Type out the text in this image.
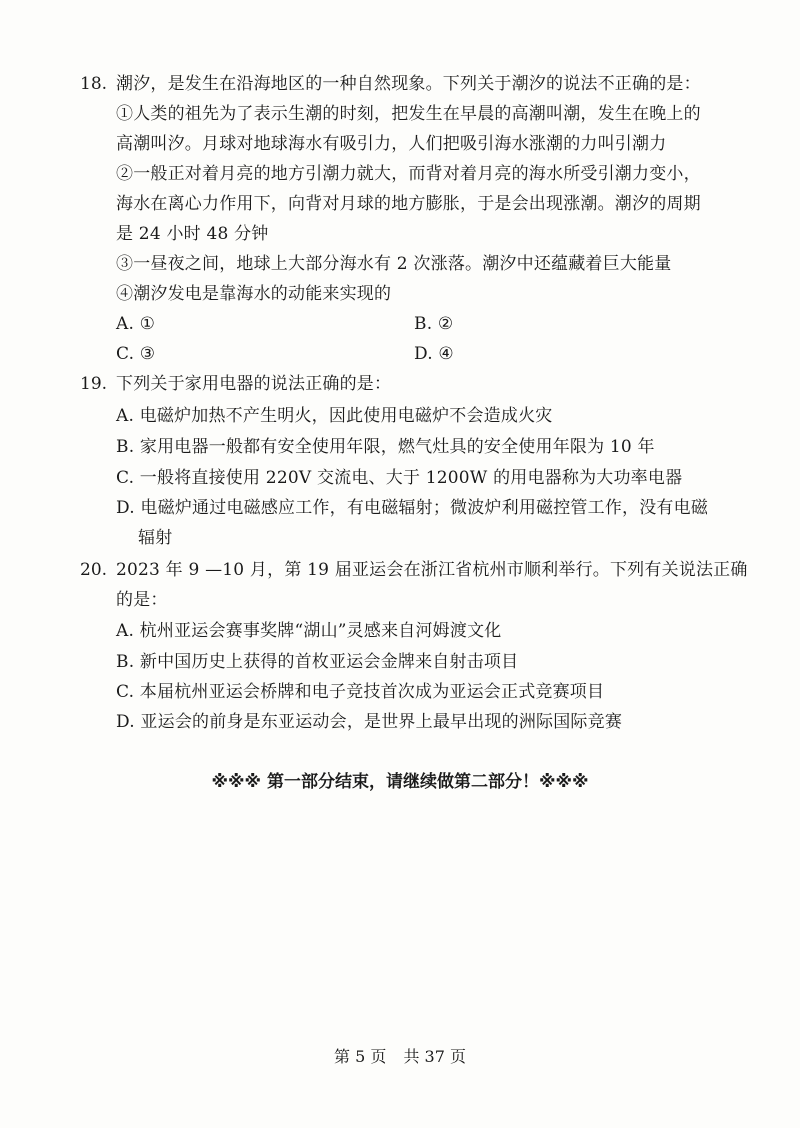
18. 潮汐，是发生在沿海地区的一种自然现象。下列关于潮汐的说法不正确的是：
①人类的祖先为了表示生潮的时刻，把发生在早晨的高潮叫潮，发生在晚上的
高潮叫汐。月球对地球海水有吸引力，人们把吸引海水涨潮的力叫引潮力
②一般正对着月亮的地方引潮力就大，而背对着月亮的海水所受引潮力变小，
海水在离心力作用下，向背对月球的地方膨胀，于是会出现涨潮。潮汐的周期
是 24 小时 48 分钟
③一昼夜之间，地球上大部分海水有 2 次涨落。潮汐中还蕴藏着巨大能量
④潮汐发电是靠海水的动能来实现的
A. ①	B. ②
C. ③	D. ④
19. 下列关于家用电器的说法正确的是：
A. 电磁炉加热不产生明火，因此使用电磁炉不会造成火灾
B. 家用电器一般都有安全使用年限，燃气灶具的安全使用年限为 10 年
C. 一般将直接使用 220V 交流电、大于 1200W 的用电器称为大功率电器
D. 电磁炉通过电磁感应工作，有电磁辐射；微波炉利用磁控管工作，没有电磁
辐射
20. 2023 年 9 —10 月，第 19 届亚运会在浙江省杭州市顺利举行。下列有关说法正确
的是：
A. 杭州亚运会赛事奖牌“湖山”灵感来自河姆渡文化
B. 新中国历史上获得的首枚亚运会金牌来自射击项目
C. 本届杭州亚运会桥牌和电子竞技首次成为亚运会正式竞赛项目
D. 亚运会的前身是东亚运动会，是世界上最早出现的洲际国际竞赛
※※※ 第一部分结束，请继续做第二部分！※※※
第 5 页 共 37 页
